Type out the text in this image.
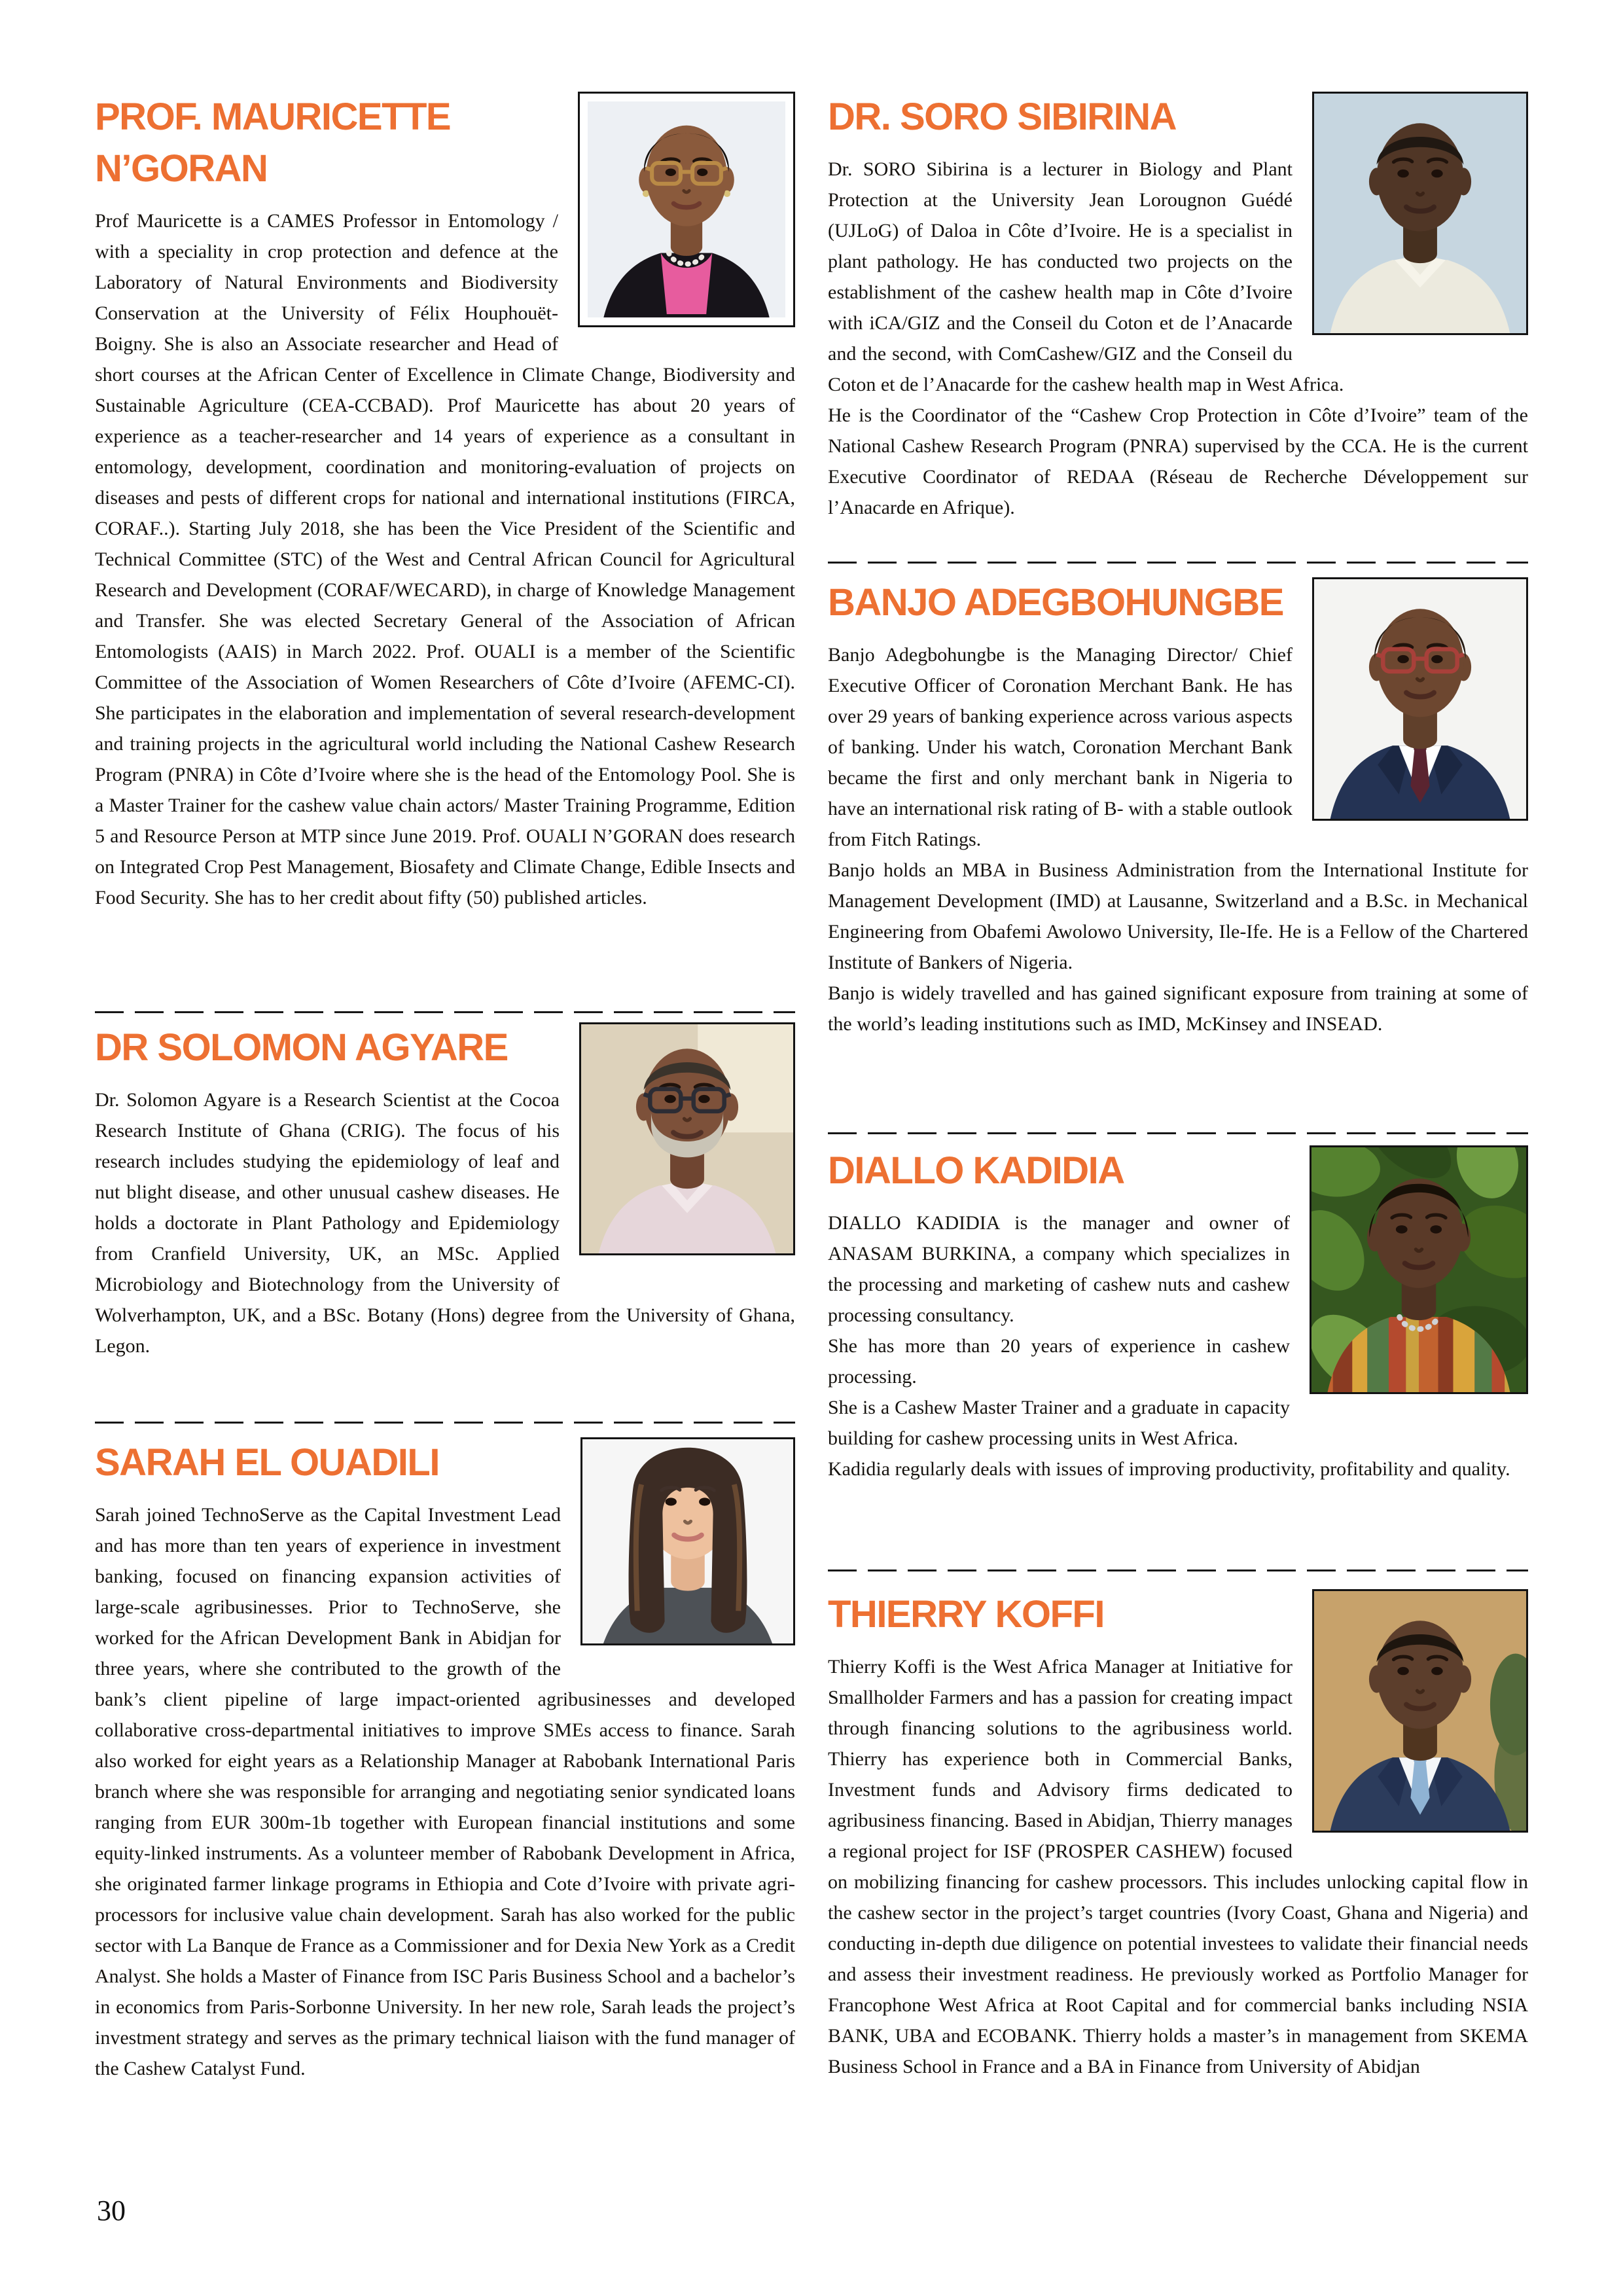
PROF. MAURICETTE N’GORAN

Prof Mauricette is a CAMES Professor in Entomology / with a speciality in crop protection and defence at the Laboratory of Natural Environments and Biodiversity Conservation at the University of Félix Houphouët-Boigny. She is also an Associate researcher and Head of short courses at the African Center of Excellence in Climate Change, Biodiversity and Sustainable Agriculture (CEA-CCBAD). Prof Mauricette has about 20 years of experience as a teacher-researcher and 14 years of experience as a consultant in entomology, development, coordination and monitoring-evaluation of projects on diseases and pests of different crops for national and international institutions (FIRCA, CORAF..). Starting July 2018, she has been the Vice President of the Scientific and Technical Committee (STC) of the West and Central African Council for Agricultural Research and Development (CORAF/WECARD), in charge of Knowledge Management and Transfer. She was elected Secretary General of the Association of African Entomologists (AAIS) in March 2022. Prof. OUALI is a member of the Scientific Committee of the Association of Women Researchers of Côte d’Ivoire (AFEMC-CI). She participates in the elaboration and implementation of several research-development and training projects in the agricultural world including the National Cashew Research Program (PNRA) in Côte d’Ivoire where she is the head of the Entomology Pool. She is a Master Trainer for the cashew value chain actors/ Master Training Programme, Edition 5 and Resource Person at MTP since June 2019. Prof. OUALI N’GORAN does research on Integrated Crop Pest Management, Biosafety and Climate Change, Edible Insects and Food Security. She has to her credit about fifty (50) published articles.

DR SOLOMON AGYARE

Dr. Solomon Agyare is a Research Scientist at the Cocoa Research Institute of Ghana (CRIG). The focus of his research includes studying the epidemiology of leaf and nut blight disease, and other unusual cashew diseases. He holds a doctorate in Plant Pathology and Epidemiology from Cranfield University, UK, an MSc. Applied Microbiology and Biotechnology from the University of Wolverhampton, UK, and a BSc. Botany (Hons) degree from the University of Ghana, Legon.

SARAH EL OUADILI

Sarah joined TechnoServe as the Capital Investment Lead and has more than ten years of experience in investment banking, focused on financing expansion activities of large-scale agribusinesses. Prior to TechnoServe, she worked for the African Development Bank in Abidjan for three years, where she contributed to the growth of the bank’s client pipeline of large impact-oriented agribusinesses and developed collaborative cross-departmental initiatives to improve SMEs access to finance. Sarah also worked for eight years as a Relationship Manager at Rabobank International Paris branch where she was responsible for arranging and negotiating senior syndicated loans ranging from EUR 300m-1b together with European financial institutions and some equity-linked instruments. As a volunteer member of Rabobank Development in Africa, she originated farmer linkage programs in Ethiopia and Cote d’Ivoire with private agri-processors for inclusive value chain development. Sarah has also worked for the public sector with La Banque de France as a Commissioner and for Dexia New York as a Credit Analyst. She holds a Master of Finance from ISC Paris Business School and a bachelor’s in economics from Paris-Sorbonne University. In her new role, Sarah leads the project’s investment strategy and serves as the primary technical liaison with the fund manager of the Cashew Catalyst Fund.

DR. SORO SIBIRINA

Dr. SORO Sibirina is a lecturer in Biology and Plant Protection at the University Jean Lorougnon Guédé (UJLoG) of Daloa in Côte d’Ivoire. He is a specialist in plant pathology. He has conducted two projects on the establishment of the cashew health map in Côte d’Ivoire with iCA/GIZ and the Conseil du Coton et de l’Anacarde and the second, with ComCashew/GIZ and the Conseil du Coton et de l’Anacarde for the cashew health map in West Africa.

He is the Coordinator of the “Cashew Crop Protection in Côte d’Ivoire” team of the National Cashew Research Program (PNRA) supervised by the CCA. He is the current Executive Coordinator of REDAA (Réseau de Recherche Développement sur l’Anacarde en Afrique).

BANJO ADEGBOHUNGBE

Banjo Adegbohungbe is the Managing Director/ Chief Executive Officer of Coronation Merchant Bank. He has over 29 years of banking experience across various aspects of banking. Under his watch, Coronation Merchant Bank became the first and only merchant bank in Nigeria to have an international risk rating of B- with a stable outlook from Fitch Ratings.

Banjo holds an MBA in Business Administration from the International Institute for Management Development (IMD) at Lausanne, Switzerland and a B.Sc. in Mechanical Engineering from Obafemi Awolowo University, Ile-Ife. He is a Fellow of the Chartered Institute of Bankers of Nigeria.

Banjo is widely travelled and has gained significant exposure from training at some of the world’s leading institutions such as IMD, McKinsey and INSEAD.

DIALLO KADIDIA

DIALLO KADIDIA is the manager and owner of ANASAM BURKINA, a company which specializes in the processing and marketing of cashew nuts and cashew processing consultancy.

She has more than 20 years of experience in cashew processing.

She is a Cashew Master Trainer and a graduate in capacity building for cashew processing units in West Africa.

Kadidia regularly deals with issues of improving productivity, profitability and quality.

THIERRY KOFFI

Thierry Koffi is the West Africa Manager at Initiative for Smallholder Farmers and has a passion for creating impact through financing solutions to the agribusiness world. Thierry has experience both in Commercial Banks, Investment funds and Advisory firms dedicated to agribusiness financing. Based in Abidjan, Thierry manages a regional project for ISF (PROSPER CASHEW) focused on mobilizing financing for cashew processors. This includes unlocking capital flow in the cashew sector in the project’s target countries (Ivory Coast, Ghana and Nigeria) and conducting in-depth due diligence on potential investees to validate their financial needs and assess their investment readiness. He previously worked as Portfolio Manager for Francophone West Africa at Root Capital and for commercial banks including NSIA BANK, UBA and ECOBANK. Thierry holds a master’s in management from SKEMA Business School in France and a BA in Finance from University of Abidjan

30
